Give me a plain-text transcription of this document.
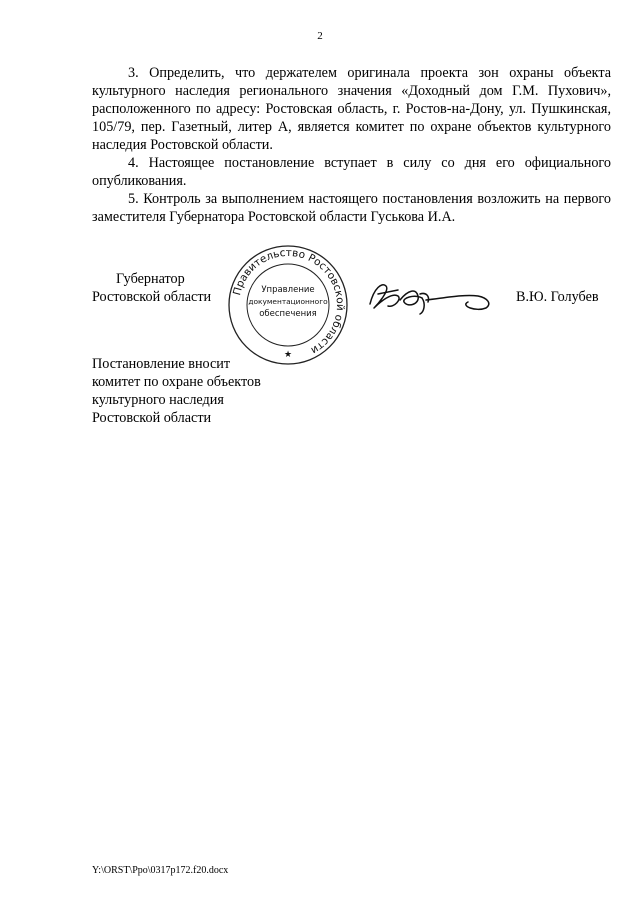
2

3. Определить, что держателем оригинала проекта зон охраны объекта культурного наследия регионального значения «Доходный дом Г.М. Пухович», расположенного по адресу: Ростовская область, г. Ростов-на-Дону, ул. Пушкинская, 105/79, пер. Газетный, литер А, является комитет по охране объектов культурного наследия Ростовской области.

4. Настоящее постановление вступает в силу со дня его официального опубликования.

5. Контроль за выполнением настоящего постановления возложить на первого заместителя Губернатора Ростовской области Гуськова И.А.

Губернатор
Ростовской области Правительство Ростовской области
Управление
документационного
обеспечения
★
В.Ю. Голубев
Постановление вносит
комитет по охране объектов
культурного наследия
Ростовской области
Y:\ORST\Ppo\0317p172.f20.docx
